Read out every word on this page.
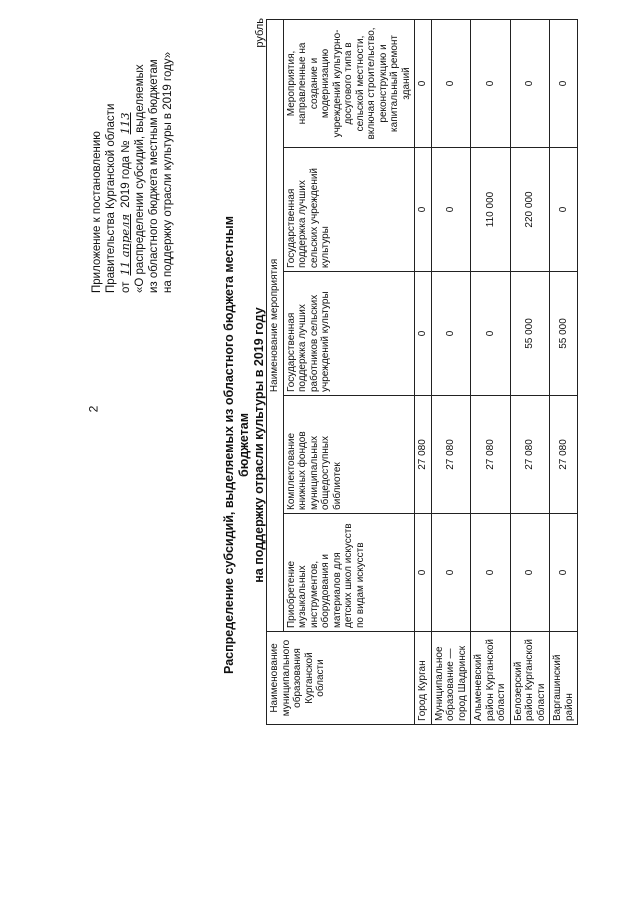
2
Приложение к постановлению Правительства Курганской области от11 апреля2019 года №113 «О распределении субсидий, выделяемых из областного бюджета местным бюджетам на поддержку отрасли культуры в 2019 году»
Распределение субсидий, выделяемых из областного бюджета местным бюджетам на поддержку отрасли культуры в 2019 году
рубль
Наименование муниципального образования Курганской области	Наименование мероприятия				
	Приобретение музыкальных инструментов, оборудования и материалов для детских школ искусств по видам искусств	Комплектование книжных фондов муниципальных общедоступных библиотек	Государственная поддержка лучших работников сельских учреждений культуры	Государственная поддержка лучших сельских учреждений культуры	Мероприятия, направленные на создание и модернизацию учреждений культурно-досугового типа в сельской местности, включая строительство, реконструкцию и капитальный ремонт зданий
Город Курган	0	27 080	0	0	0
Муниципальное образование — город Шадринск	0	27 080	0	0	0
Альменевский район Курганской области	0	27 080	0	110 000	0
Белозерский район Курганской области	0	27 080	55 000	220 000	0
Варгашинский район	0	27 080	55 000	0	0
